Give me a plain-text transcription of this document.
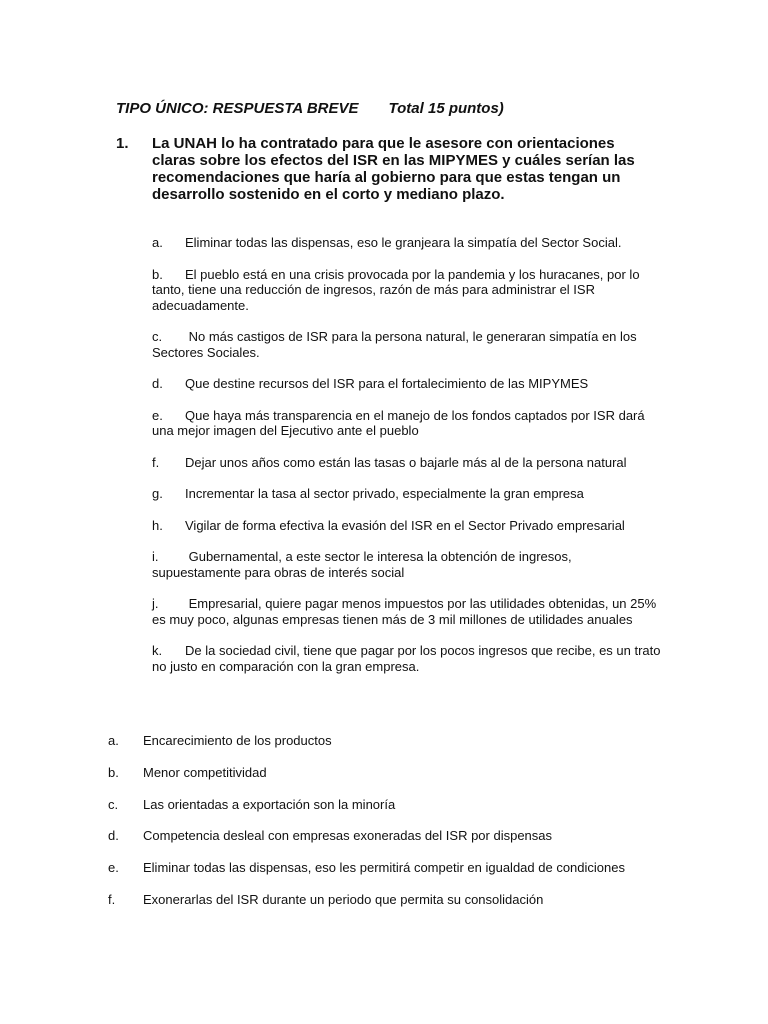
TIPO ÚNICO: RESPUESTA BREVE Total 15 puntos)
1. La UNAH lo ha contratado para que le asesore con orientaciones claras sobre los efectos del ISR en las MIPYMES y cuáles serían las recomendaciones que haría al gobierno para que estas tengan un desarrollo sostenido en el corto y mediano plazo.

a. Eliminar todas las dispensas, eso le granjeara la simpatía del Sector Social.

b. El pueblo está en una crisis provocada por la pandemia y los huracanes, por lo tanto, tiene una reducción de ingresos, razón de más para administrar el ISR adecuadamente.

c. No más castigos de ISR para la persona natural, le generaran simpatía en los Sectores Sociales.

d. Que destine recursos del ISR para el fortalecimiento de las MIPYMES

e. Que haya más transparencia en el manejo de los fondos captados por ISR dará una mejor imagen del Ejecutivo ante el pueblo

f. Dejar unos años como están las tasas o bajarle más al de la persona natural

g. Incrementar la tasa al sector privado, especialmente la gran empresa

h. Vigilar de forma efectiva la evasión del ISR en el Sector Privado empresarial

i. Gubernamental, a este sector le interesa la obtención de ingresos, supuestamente para obras de interés social

j. Empresarial, quiere pagar menos impuestos por las utilidades obtenidas, un 25% es muy poco, algunas empresas tienen más de 3 mil millones de utilidades anuales

k. De la sociedad civil, tiene que pagar por los pocos ingresos que recibe, es un trato no justo en comparación con la gran empresa.

a. Encarecimiento de los productos
b. Menor competitividad
c. Las orientadas a exportación son la minoría
d. Competencia desleal con empresas exoneradas del ISR por dispensas
e. Eliminar todas las dispensas, eso les permitirá competir en igualdad de condiciones
f. Exonerarlas del ISR durante un periodo que permita su consolidación
